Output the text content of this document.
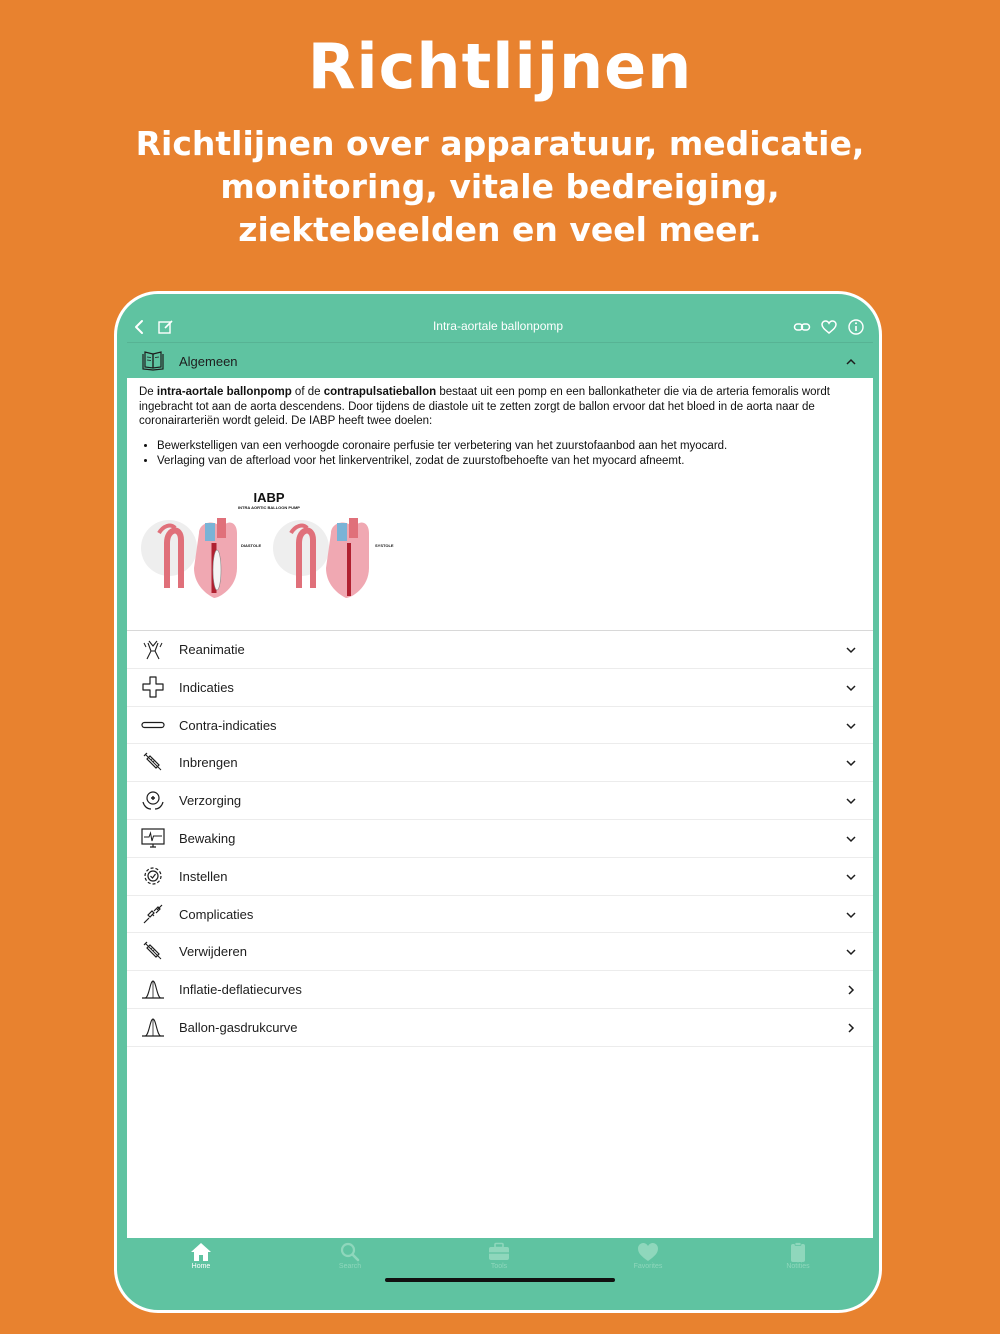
Richtlijnen
Richtlijnen over apparatuur, medicatie, monitoring, vitale bedreiging, ziektebeelden en veel meer.
Intra-aortale ballonpomp
Algemeen

De intra-aortale ballonpomp of de contrapulsatieballon bestaat uit een pomp en een ballonkatheter die via de arteria femoralis wordt ingebracht tot aan de aorta descendens. Door tijdens de diastole uit te zetten zorgt de ballon ervoor dat het bloed in de aorta naar de coronairarteriën wordt geleid. De IABP heeft twee doelen:

• Bewerkstelligen van een verhoogde coronaire perfusie ter verbetering van het zuurstofaanbod aan het myocard.
• Verlaging van de afterload voor het linkerventrikel, zodat de zuurstofbehoefte van het myocard afneemt.
IABP
INTRA AORTIC BALLOON PUMP
DIASTOLE	SYSTOLE
Reanimatie
Indicaties
Contra-indicaties
Inbrengen
Verzorging
Bewaking
Instellen
Complicaties
Verwijderen
Inflatie-deflatiecurves
Ballon-gasdrukcurve
Home	Search	Tools	Favorites	Notities
